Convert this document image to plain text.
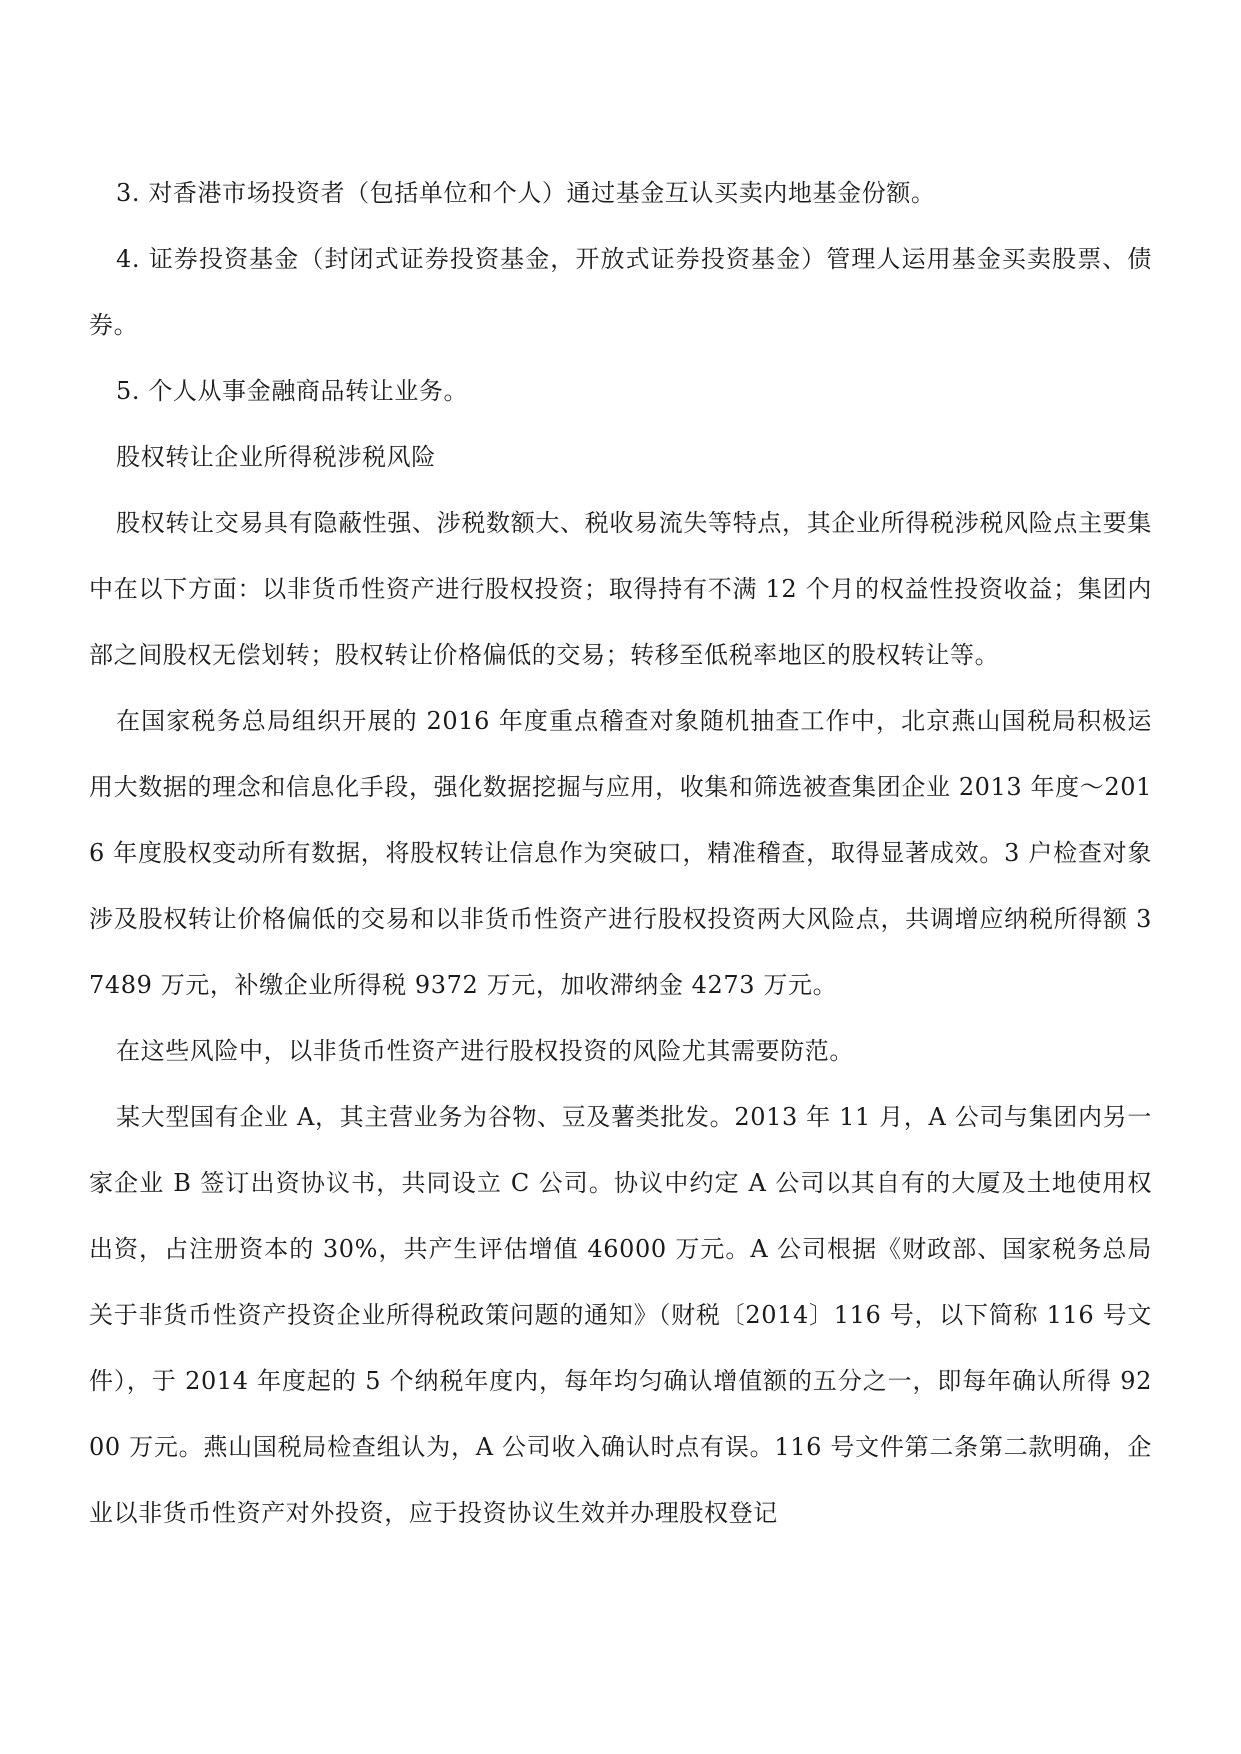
3. 对香港市场投资者（包括单位和个人）通过基金互认买卖内地基金份额。

4. 证券投资基金（封闭式证券投资基金，开放式证券投资基金）管理人运用基金买卖股票、债券。

5. 个人从事金融商品转让业务。

股权转让企业所得税涉税风险

股权转让交易具有隐蔽性强、涉税数额大、税收易流失等特点，其企业所得税涉税风险点主要集中在以下方面：以非货币性资产进行股权投资；取得持有不满 12 个月的权益性投资收益；集团内部之间股权无偿划转；股权转让价格偏低的交易；转移至低税率地区的股权转让等。

在国家税务总局组织开展的 2016 年度重点稽查对象随机抽查工作中，北京燕山国税局积极运用大数据的理念和信息化手段，强化数据挖掘与应用，收集和筛选被查集团企业 2013 年度～2016 年度股权变动所有数据，将股权转让信息作为突破口，精准稽查，取得显著成效。3 户检查对象涉及股权转让价格偏低的交易和以非货币性资产进行股权投资两大风险点，共调增应纳税所得额 37489 万元，补缴企业所得税 9372 万元，加收滞纳金 4273 万元。

在这些风险中，以非货币性资产进行股权投资的风险尤其需要防范。

某大型国有企业 A，其主营业务为谷物、豆及薯类批发。2013 年 11 月，A 公司与集团内另一家企业 B 签订出资协议书，共同设立 C 公司。协议中约定 A 公司以其自有的大厦及土地使用权出资，占注册资本的 30%，共产生评估增值 46000 万元。A 公司根据《财政部、国家税务总局关于非货币性资产投资企业所得税政策问题的通知》（财税〔2014〕116 号，以下简称 116 号文件），于 2014 年度起的 5 个纳税年度内，每年均匀确认增值额的五分之一，即每年确认所得 9200 万元。燕山国税局检查组认为，A 公司收入确认时点有误。116 号文件第二条第二款明确，企业以非货币性资产对外投资，应于投资协议生效并办理股权登记
